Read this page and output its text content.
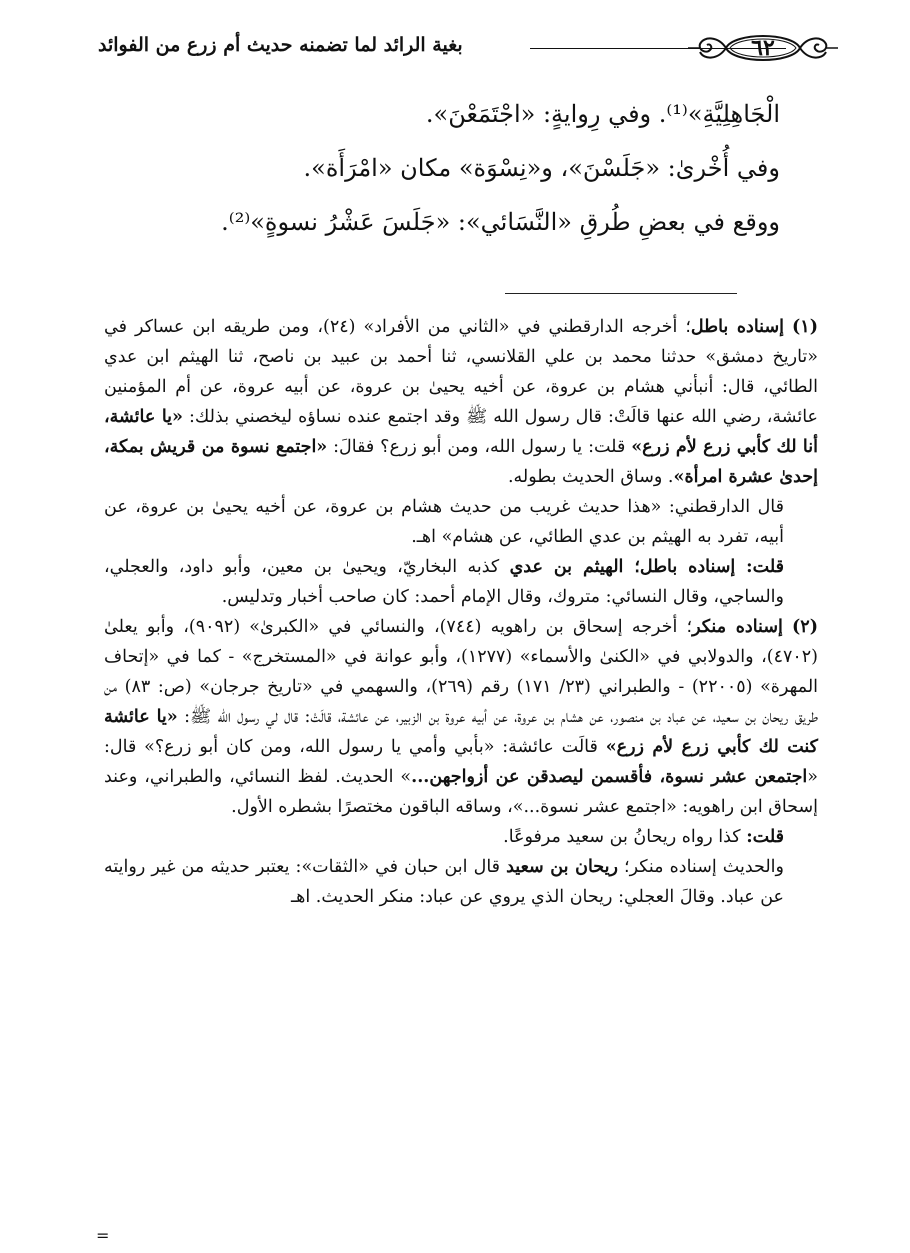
بغية الرائد لما تضمنه حديث أم زرع من الفوائد	٦٢

الْجَاهِلِيَّةِ»⁽¹⁾. وفي رِوايةٍ: «اجْتَمَعْنَ».

وفي أُخْرىٰ: «جَلَسْنَ»، و«نِسْوَة» مكان «امْرَأَة».

ووقع في بعضِ طُرقِ «النَّسَائي»: «جَلَسَ عَشْرُ نسوةٍ»⁽²⁾.

(١) إسناده باطل؛ أخرجه الدارقطني في «الثاني من الأفراد» (٢٤)، ومن طريقه ابن عساكر في «تاريخ دمشق» حدثنا محمد بن علي القلانسي، ثنا أحمد بن عبيد بن ناصح، ثنا الهيثم ابن عدي الطائي، قال: أنبأني هشام بن عروة، عن أخيه يحيىٰ بن عروة، عن أبيه عروة، عن أم المؤمنين عائشة، رضي الله عنها قالَتْ: قال رسول الله ﷺ وقد اجتمع عنده نساؤه ليخصني بذلك: «يا عائشة، أنا لك كأبي زرع لأم زرع» قلت: يا رسول الله، ومن أبو زرع؟ فقالَ: «اجتمع نسوة من قريش بمكة، إحدىٰ عشرة امرأة». وساق الحديث بطوله.

قال الدارقطني: «هذا حديث غريب من حديث هشام بن عروة، عن أخيه يحيىٰ بن عروة، عن أبيه، تفرد به الهيثم بن عدي الطائي، عن هشام» اهـ.

قلت: إسناده باطل؛ الهيثم بن عدي كذبه البخاريّ، ويحيىٰ بن معين، وأبو داود، والعجلي، والساجي، وقال النسائي: متروك، وقال الإمام أحمد: كان صاحب أخبار وتدليس.

(٢) إسناده منكر؛ أخرجه إسحاق بن راهويه (٧٤٤)، والنسائي في «الكبرىٰ» (٩٠٩٢)، وأبو يعلىٰ (٤٧٠٢)، والدولابي في «الكنىٰ والأسماء» (١٢٧٧)، وأبو عوانة في «المستخرج» - كما في «إتحاف المهرة» (٢٢٠٠٥) - والطبراني (٢٣/ ١٧١) رقم (٢٦٩)، والسهمي في «تاريخ جرجان» (ص: ٨٣) من طريق ريحان بن سعيد، عن عباد بن منصور، عن هشام بن عروة، عن أبيه عروة بن الزبير، عن عائشة، قالَتْ: قال لي رسول الله ﷺ: «يا عائشة كنت لك كأبي زرع لأم زرع» قالَت عائشة: «بأبي وأمي يا رسول الله، ومن كان أبو زرع؟» قال: «اجتمعن عشر نسوة، فأقسمن ليصدقن عن أزواجهن...» الحديث. لفظ النسائي، والطبراني، وعند إسحاق ابن راهويه: «اجتمع عشر نسوة...»، وساقه الباقون مختصرًا بشطره الأول.

قلت: كذا رواه ريحانُ بن سعيد مرفوعًا.

والحديث إسناده منكر؛ ريحان بن سعيد قال ابن حبان في «الثقات»: يعتبر حديثه من غير روايته عن عباد. وقالَ العجلي: ريحان الذي يروي عن عباد: منكر الحديث. اهـ

=
